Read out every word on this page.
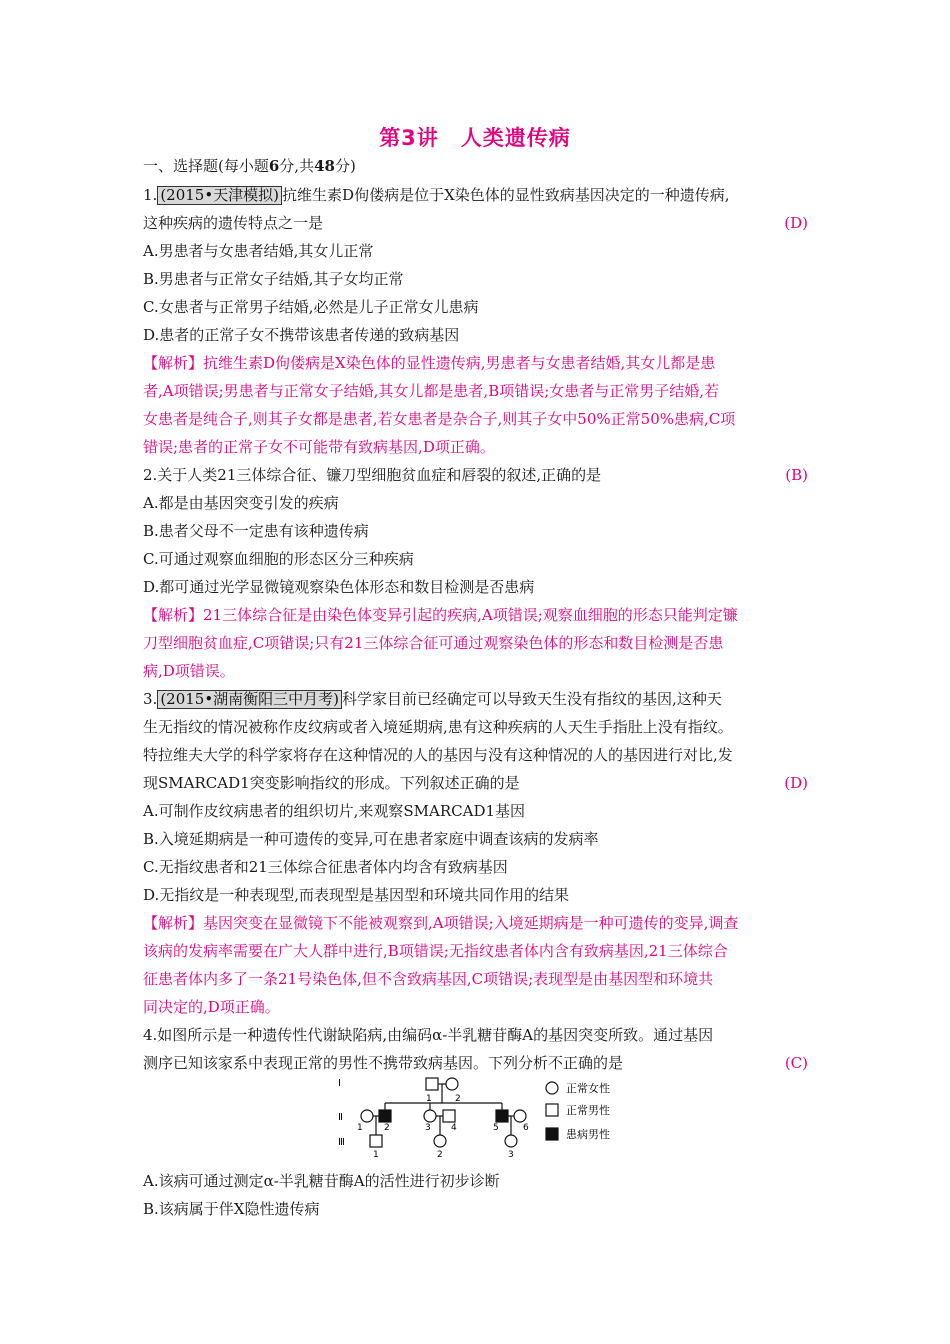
第3讲　人类遗传病
一、选择题(每小题6分,共48分)
1. (2015•天津模拟) 抗维生素D佝偻病是位于X染色体的显性致病基因决定的一种遗传病,
这种疾病的遗传特点之一是	(D)
A.男患者与女患者结婚,其女儿正常
B.男患者与正常女子结婚,其子女均正常
C.女患者与正常男子结婚,必然是儿子正常女儿患病
D.患者的正常子女不携带该患者传递的致病基因
【解析】抗维生素D佝偻病是X染色体的显性遗传病,男患者与女患者结婚,其女儿都是患
者,A项错误;男患者与正常女子结婚,其女儿都是患者,B项错误;女患者与正常男子结婚,若
女患者是纯合子,则其子女都是患者,若女患者是杂合子,则其子女中50%正常50%患病,C项
错误;患者的正常子女不可能带有致病基因,D项正确。
2.关于人类21三体综合征、镰刀型细胞贫血症和唇裂的叙述,正确的是	(B)
A.都是由基因突变引发的疾病
B.患者父母不一定患有该种遗传病
C.可通过观察血细胞的形态区分三种疾病
D.都可通过光学显微镜观察染色体形态和数目检测是否患病
【解析】21三体综合征是由染色体变异引起的疾病,A项错误;观察血细胞的形态只能判定镰
刀型细胞贫血症,C项错误;只有21三体综合征可通过观察染色体的形态和数目检测是否患
病,D项错误。
3. (2015•湖南衡阳三中月考) 科学家目前已经确定可以导致天生没有指纹的基因,这种天
生无指纹的情况被称作皮纹病或者入境延期病,患有这种疾病的人天生手指肚上没有指纹。
特拉维夫大学的科学家将存在这种情况的人的基因与没有这种情况的人的基因进行对比,发
现SMARCAD1突变影响指纹的形成。下列叙述正确的是	(D)
A.可制作皮纹病患者的组织切片,来观察SMARCAD1基因
B.入境延期病是一种可遗传的变异,可在患者家庭中调查该病的发病率
C.无指纹患者和21三体综合征患者体内均含有致病基因
D.无指纹是一种表现型,而表现型是基因型和环境共同作用的结果
【解析】基因突变在显微镜下不能被观察到,A项错误;入境延期病是一种可遗传的变异,调查
该病的发病率需要在广大人群中进行,B项错误;无指纹患者体内含有致病基因,21三体综合
征患者体内多了一条21号染色体,但不含致病基因,C项错误;表现型是由基因型和环境共
同决定的,D项正确。
4.如图所示是一种遗传性代谢缺陷病,由编码α-半乳糖苷酶A的基因突变所致。通过基因
测序已知该家系中表现正常的男性不携带致病基因。下列分析不正确的是	(C)
Ⅰ
Ⅱ
Ⅲ
1	2
1 2	3 4	5	6
1	2	3
正常女性
正常男性
患病男性
A.该病可通过测定α-半乳糖苷酶A的活性进行初步诊断
B.该病属于伴X隐性遗传病
